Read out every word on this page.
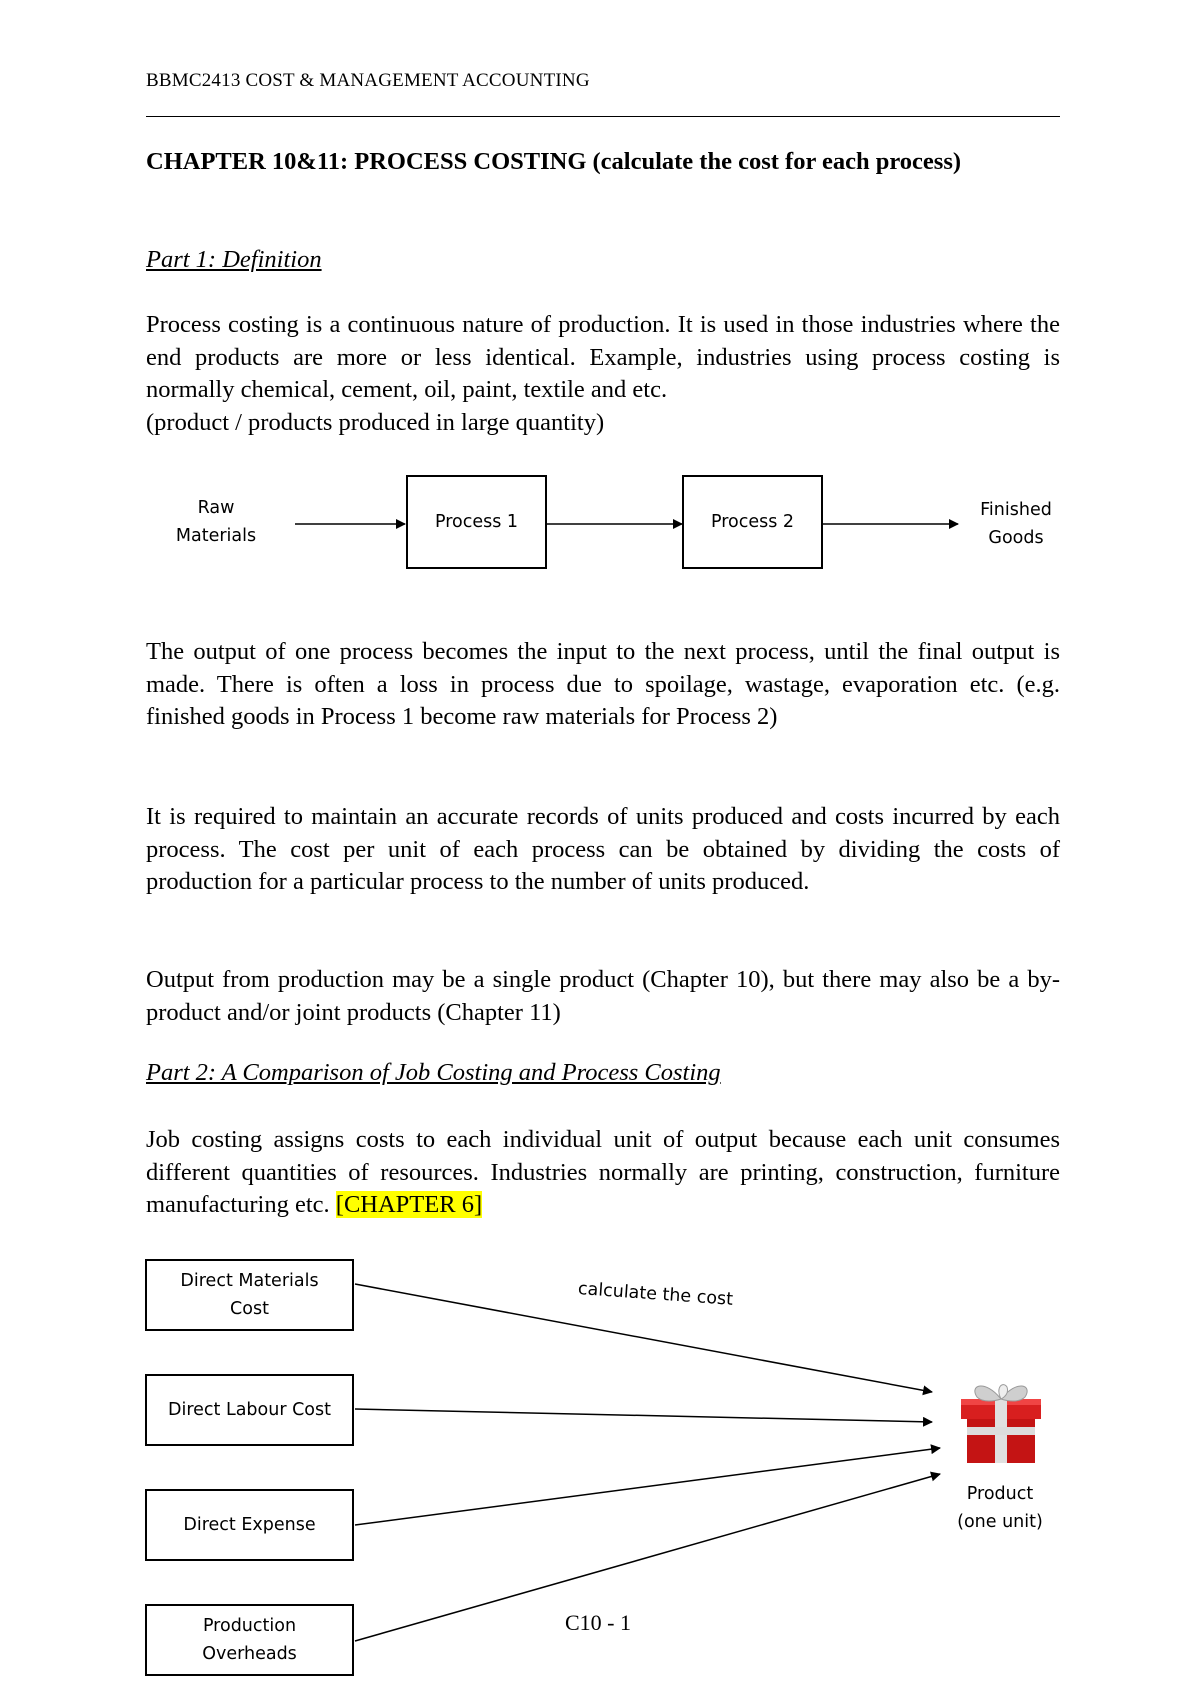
BBMC2413 COST & MANAGEMENT ACCOUNTING
CHAPTER 10&11: PROCESS COSTING (calculate the cost for each process)
Part 1: Definition
Process costing is a continuous nature of production. It is used in those industries where the end products are more or less identical. Example, industries using process costing is normally chemical, cement, oil, paint, textile and etc.
(product / products produced in large quantity)
Raw
Materials
Process 1	Process 2
Finished
Goods
The output of one process becomes the input to the next process, until the final output is made. There is often a loss in process due to spoilage, wastage, evaporation etc. (e.g. finished goods in Process 1 become raw materials for Process 2)
It is required to maintain an accurate records of units produced and costs incurred by each process. The cost per unit of each process can be obtained by dividing the costs of production for a particular process to the number of units produced.
Output from production may be a single product (Chapter 10), but there may also be a by-product and/or joint products (Chapter 11)
Part 2: A Comparison of Job Costing and Process Costing
Job costing assigns costs to each individual unit of output because each unit consumes different quantities of resources. Industries normally are printing, construction, furniture manufacturing etc. [CHAPTER 6]
Direct Materials
Cost
Direct Labour Cost
Direct Expense
Production
Overheads
calculate the cost
Product
(one unit)
C10 - 1
